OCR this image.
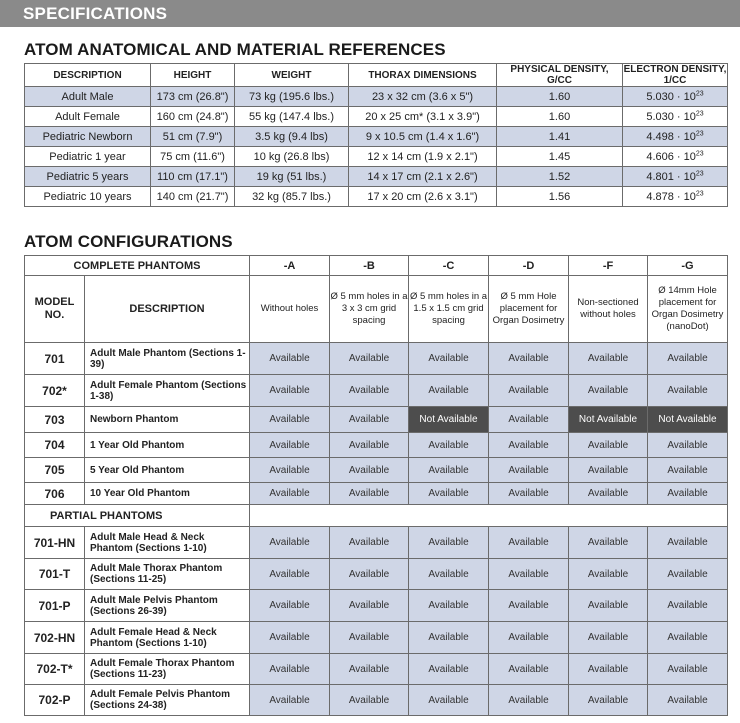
SPECIFICATIONS
ATOM ANATOMICAL AND MATERIAL REFERENCES
DESCRIPTION	HEIGHT	WEIGHT	THORAX DIMENSIONS	PHYSICAL DENSITY, G/CC	ELECTRON DENSITY, 1/CC
Adult Male	173 cm (26.8")	73 kg (195.6 lbs.)	23 x 32 cm (3.6 x 5")	1.60	$5.030 \cdot 10^{23}$
Adult Female	160 cm (24.8")	55 kg (147.4 lbs.)	20 x 25 cm* (3.1 x 3.9")	1.60	$5.030 \cdot 10^{23}$
Pediatric Newborn	51 cm (7.9")	3.5 kg (9.4 lbs)	9 x 10.5 cm (1.4 x 1.6")	1.41	$4.498 \cdot 10^{23}$
Pediatric 1 year	75 cm (11.6")	10 kg (26.8 lbs)	12 x 14 cm (1.9 x 2.1")	1.45	$4.606 \cdot 10^{23}$
Pediatric 5 years	110 cm (17.1")	19 kg (51 lbs.)	14 x 17 cm (2.1 x 2.6")	1.52	$4.801 \cdot 10^{23}$
Pediatric 10 years	140 cm (21.7")	32 kg (85.7 lbs.)	17 x 20 cm (2.6 x 3.1")	1.56	$4.878 \cdot 10^{23}$
ATOM CONFIGURATIONS
COMPLETE PHANTOMS		-A	-B	-C	-D	-F	-G
MODEL NO.	DESCRIPTION	Without holes	Ø 5 mm holes in a 3 x 3 cm grid spacing	Ø 5 mm holes in a 1.5 x 1.5 cm grid spacing	Ø 5 mm Hole placement for Organ Dosimetry	Non-sectioned without holes	Ø 14mm Hole placement for Organ Dosimetry (nanoDot)
701	Adult Male Phantom (Sections 1-39)	Available	Available	Available	Available	Available	Available
702*	Adult Female Phantom (Sections 1-38)	Available	Available	Available	Available	Available	Available
703	Newborn Phantom	Available	Available	Not Available	Available	Not Available	Not Available
704	1 Year Old Phantom	Available	Available	Available	Available	Available	Available
705	5 Year Old Phantom	Available	Available	Available	Available	Available	Available
706	10 Year Old Phantom	Available	Available	Available	Available	Available	Available
PARTIAL PHANTOMS							
701-HN	Adult Male Head & Neck Phantom (Sections 1-10)	Available	Available	Available	Available	Available	Available
701-T	Adult Male Thorax Phantom (Sections 11-25)	Available	Available	Available	Available	Available	Available
701-P	Adult Male Pelvis Phantom (Sections 26-39)	Available	Available	Available	Available	Available	Available
702-HN	Adult Female Head & Neck Phantom (Sections 1-10)	Available	Available	Available	Available	Available	Available
702-T*	Adult Female Thorax Phantom (Sections 11-23)	Available	Available	Available	Available	Available	Available
702-P	Adult Female Pelvis Phantom (Sections 24-38)	Available	Available	Available	Available	Available	Available
